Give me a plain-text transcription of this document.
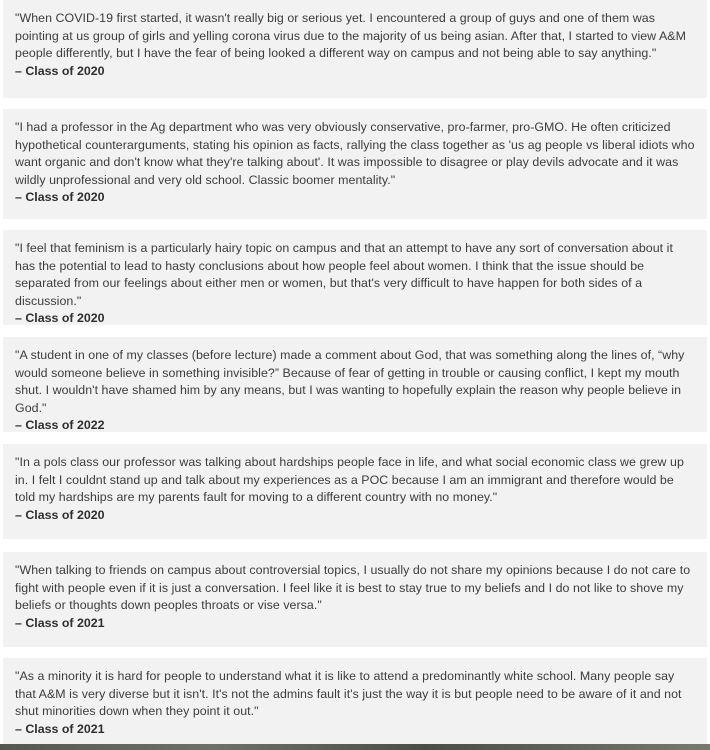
"When COVID-19 first started, it wasn't really big or serious yet. I encountered a group of guys and one of them was pointing at us group of girls and yelling corona virus due to the majority of us being asian. After that, I started to view A&M people differently, but I have the fear of being looked a different way on campus and not being able to say anything."

– Class of 2020

"I had a professor in the Ag department who was very obviously conservative, pro-farmer, pro-GMO. He often criticized hypothetical counterarguments, stating his opinion as facts, rallying the class together as 'us ag people vs liberal idiots who want organic and don't know what they're talking about'. It was impossible to disagree or play devils advocate and it was wildly unprofessional and very old school. Classic boomer mentality."

– Class of 2020

"I feel that feminism is a particularly hairy topic on campus and that an attempt to have any sort of conversation about it has the potential to lead to hasty conclusions about how people feel about women. I think that the issue should be separated from our feelings about either men or women, but that's very difficult to have happen for both sides of a discussion."

– Class of 2020

"A student in one of my classes (before lecture) made a comment about God, that was something along the lines of, “why would someone believe in something invisible?” Because of fear of getting in trouble or causing conflict, I kept my mouth shut. I wouldn't have shamed him by any means, but I was wanting to hopefully explain the reason why people believe in God."

– Class of 2022

"In a pols class our professor was talking about hardships people face in life, and what social economic class we grew up in. I felt I couldnt stand up and talk about my experiences as a POC because I am an immigrant and therefore would be told my hardships are my parents fault for moving to a different country with no money."

– Class of 2020

"When talking to friends on campus about controversial topics, I usually do not share my opinions because I do not care to fight with people even if it is just a conversation. I feel like it is best to stay true to my beliefs and I do not like to shove my beliefs or thoughts down peoples throats or vise versa."

– Class of 2021

"As a minority it is hard for people to understand what it is like to attend a predominantly white school. Many people say that A&M is very diverse but it isn't. It's not the admins fault it's just the way it is but people need to be aware of it and not shut minorities down when they point it out."

– Class of 2021
